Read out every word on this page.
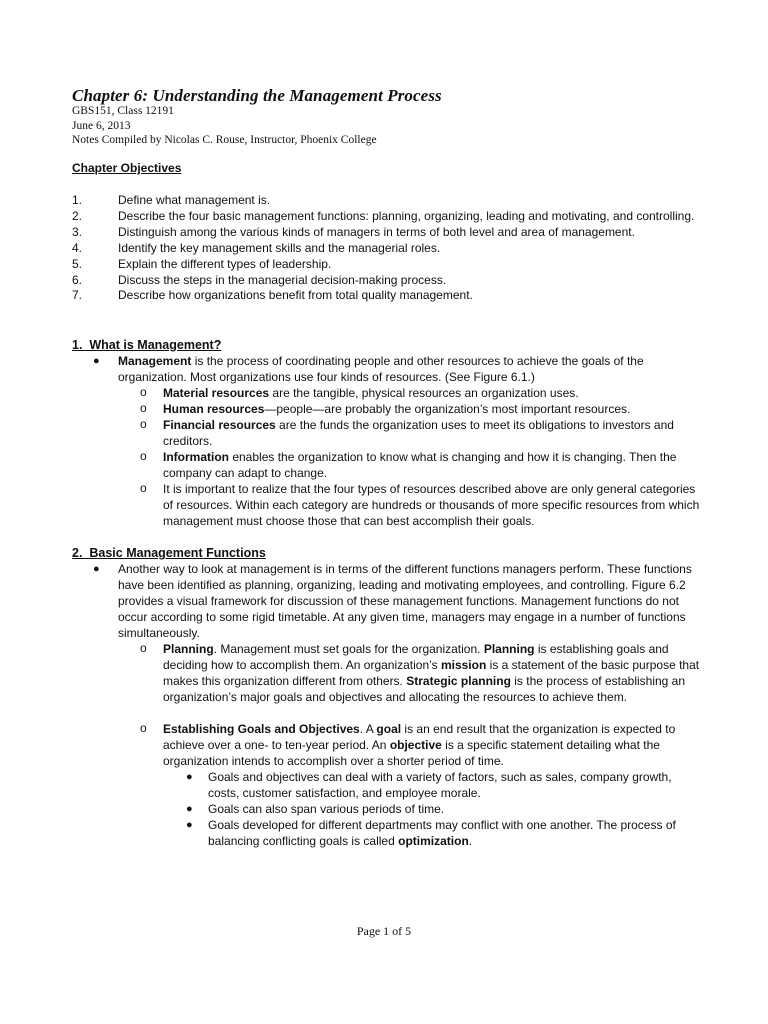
Chapter 6: Understanding the Management Process
GBS151, Class 12191
June 6, 2013
Notes Compiled by Nicolas C. Rouse, Instructor, Phoenix College
Chapter Objectives
1.	Define what management is.
2.	Describe the four basic management functions: planning, organizing, leading and motivating, and controlling.
3.	Distinguish among the various kinds of managers in terms of both level and area of management.
4.	Identify the key management skills and the managerial roles.
5.	Explain the different types of leadership.
6.	Discuss the steps in the managerial decision-making process.
7.	Describe how organizations benefit from total quality management.
1.  What is Management?
● Management is the process of coordinating people and other resources to achieve the goals of the organization. Most organizations use four kinds of resources. (See Figure 6.1.)
o Material resources are the tangible, physical resources an organization uses.
o Human resources—people—are probably the organization’s most important resources.
o Financial resources are the funds the organization uses to meet its obligations to investors and creditors.
o Information enables the organization to know what is changing and how it is changing. Then the company can adapt to change.
o It is important to realize that the four types of resources described above are only general categories of resources. Within each category are hundreds or thousands of more specific resources from which management must choose those that can best accomplish their goals.
2.  Basic Management Functions
● Another way to look at management is in terms of the different functions managers perform. These functions have been identified as planning, organizing, leading and motivating employees, and controlling. Figure 6.2 provides a visual framework for discussion of these management functions. Management functions do not occur according to some rigid timetable. At any given time, managers may engage in a number of functions simultaneously.
o Planning. Management must set goals for the organization. Planning is establishing goals and deciding how to accomplish them. An organization’s mission is a statement of the basic purpose that makes this organization different from others. Strategic planning is the process of establishing an organization’s major goals and objectives and allocating the resources to achieve them.
o Establishing Goals and Objectives. A goal is an end result that the organization is expected to achieve over a one- to ten-year period. An objective is a specific statement detailing what the organization intends to accomplish over a shorter period of time.
● Goals and objectives can deal with a variety of factors, such as sales, company growth, costs, customer satisfaction, and employee morale.
● Goals can also span various periods of time.
● Goals developed for different departments may conflict with one another. The process of balancing conflicting goals is called optimization.
Page 1 of 5
